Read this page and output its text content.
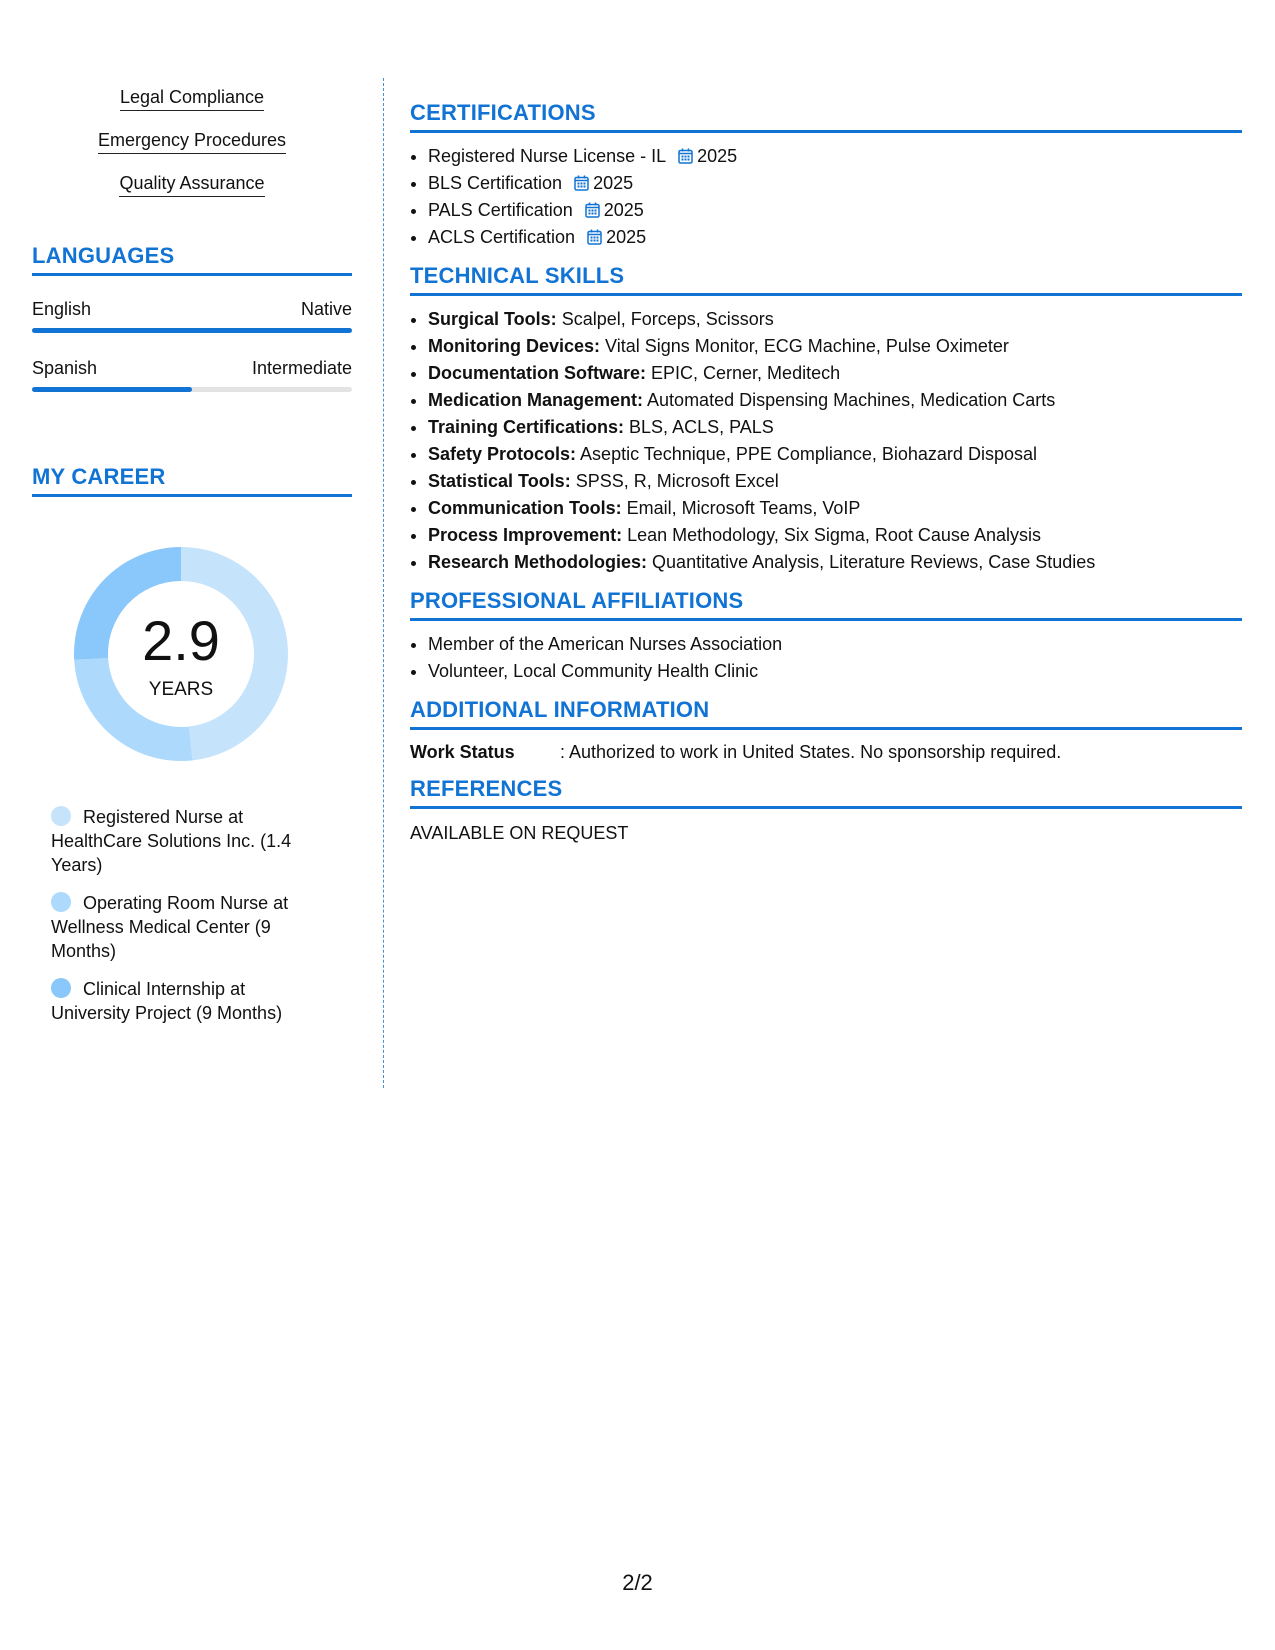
Legal Compliance
Emergency Procedures
Quality Assurance
LANGUAGES
English	Native
Spanish	Intermediate
MY CAREER
2.9
YEARS
Registered Nurse at HealthCare Solutions Inc. (1.4 Years)
Operating Room Nurse at Wellness Medical Center (9 Months)
Clinical Internship at University Project (9 Months)
CERTIFICATIONS
• Registered Nurse License - IL 2025
• BLS Certification 2025
• PALS Certification 2025
• ACLS Certification 2025
TECHNICAL SKILLS
• Surgical Tools: Scalpel, Forceps, Scissors
• Monitoring Devices: Vital Signs Monitor, ECG Machine, Pulse Oximeter
• Documentation Software: EPIC, Cerner, Meditech
• Medication Management: Automated Dispensing Machines, Medication Carts
• Training Certifications: BLS, ACLS, PALS
• Safety Protocols: Aseptic Technique, PPE Compliance, Biohazard Disposal
• Statistical Tools: SPSS, R, Microsoft Excel
• Communication Tools: Email, Microsoft Teams, VoIP
• Process Improvement: Lean Methodology, Six Sigma, Root Cause Analysis
• Research Methodologies: Quantitative Analysis, Literature Reviews, Case Studies
PROFESSIONAL AFFILIATIONS
• Member of the American Nurses Association
• Volunteer, Local Community Health Clinic
ADDITIONAL INFORMATION
Work Status	: Authorized to work in United States. No sponsorship required.
REFERENCES
AVAILABLE ON REQUEST
2/2
